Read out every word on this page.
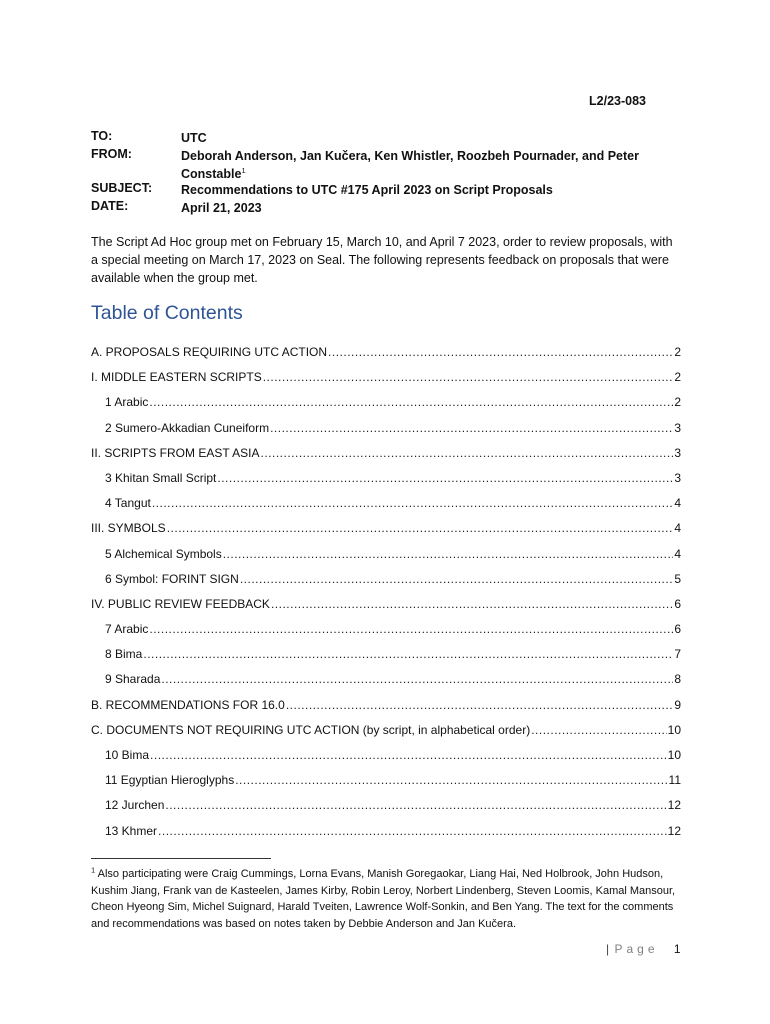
L2/23-083
TO:	UTC
FROM:	Deborah Anderson, Jan Kučera, Ken Whistler, Roozbeh Pournader, and Peter Constable$^1$
SUBJECT:	Recommendations to UTC #175 April 2023 on Script Proposals
DATE:	April 21, 2023
The Script Ad Hoc group met on February 15, March 10, and April 7 2023, order to review proposals, with a special meeting on March 17, 2023 on Seal. The following represents feedback on proposals that were available when the group met.
Table of Contents
A. PROPOSALS REQUIRING UTC ACTION .....	2
I. MIDDLE EASTERN SCRIPTS .....	2
1 Arabic .....	2
2 Sumero-Akkadian Cuneiform .....	3
II. SCRIPTS FROM EAST ASIA .....	3
3 Khitan Small Script .....	3
4 Tangut .....	4
III. SYMBOLS .....	4
5 Alchemical Symbols .....	4
6 Symbol: FORINT SIGN .....	5
IV. PUBLIC REVIEW FEEDBACK .....	6
7 Arabic .....	6
8 Bima .....	7
9 Sharada .....	8
B. RECOMMENDATIONS FOR 16.0 .....	9
C. DOCUMENTS NOT REQUIRING UTC ACTION (by script, in alphabetical order) .....	10
10 Bima .....	10
11 Egyptian Hieroglyphs .....	11
12 Jurchen .....	12
13 Khmer .....	12
$^1$ Also participating were Craig Cummings, Lorna Evans, Manish Goregaokar, Liang Hai, Ned Holbrook, John Hudson, Kushim Jiang, Frank van de Kasteelen, James Kirby, Robin Leroy, Norbert Lindenberg, Steven Loomis, Kamal Mansour, Cheon Hyeong Sim, Michel Suignard, Harald Tveiten, Lawrence Wolf-Sonkin, and Ben Yang. The text for the comments and recommendations was based on notes taken by Debbie Anderson and Jan Kučera.
| Page 1
